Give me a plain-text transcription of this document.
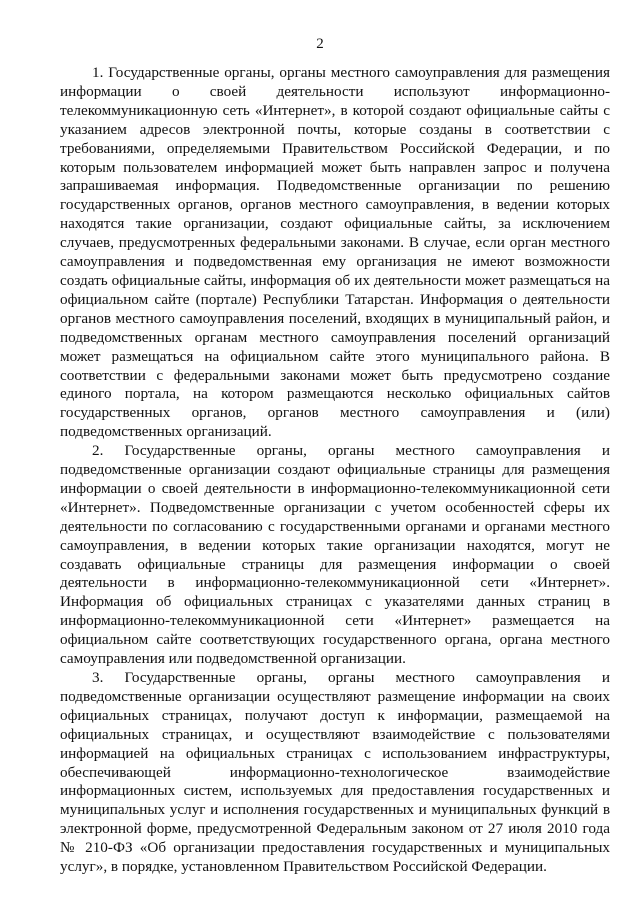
2

1. Государственные органы, органы местного самоуправления для размещения информации о своей деятельности используют информационно-телекоммуникационную сеть «Интернет», в которой создают официальные сайты с указанием адресов электронной почты, которые созданы в соответствии с требованиями, определяемыми Правительством Российской Федерации, и по которым пользователем информацией может быть направлен запрос и получена запрашиваемая информация. Подведомственные организации по решению государственных органов, органов местного самоуправления, в ведении которых находятся такие организации, создают официальные сайты, за исключением случаев, предусмотренных федеральными законами. В случае, если орган местного самоуправления и подведомственная ему организация не имеют возможности создать официальные сайты, информация об их деятельности может размещаться на официальном сайте (портале) Республики Татарстан. Информация о деятельности органов местного самоуправления поселений, входящих в муниципальный район, и подведомственных органам местного самоуправления поселений организаций может размещаться на официальном сайте этого муниципального района. В соответствии с федеральными законами может быть предусмотрено создание единого портала, на котором размещаются несколько официальных сайтов государственных органов, органов местного самоуправления и (или) подведомственных организаций.

2. Государственные органы, органы местного самоуправления и подведомственные организации создают официальные страницы для размещения информации о своей деятельности в информационно-телекоммуникационной сети «Интернет». Подведомственные организации с учетом особенностей сферы их деятельности по согласованию с государственными органами и органами местного самоуправления, в ведении которых такие организации находятся, могут не создавать официальные страницы для размещения информации о своей деятельности в информационно-телекоммуникационной сети «Интернет». Информация об официальных страницах с указателями данных страниц в информационно-телекоммуникационной сети «Интернет» размещается на официальном сайте соответствующих государственного органа, органа местного самоуправления или подведомственной организации.

3. Государственные органы, органы местного самоуправления и подведомственные организации осуществляют размещение информации на своих официальных страницах, получают доступ к информации, размещаемой на официальных страницах, и осуществляют взаимодействие с пользователями информацией на официальных страницах с использованием инфраструктуры, обеспечивающей информационно-технологическое взаимодействие информационных систем, используемых для предоставления государственных и муниципальных услуг и исполнения государственных и муниципальных функций в электронной форме, предусмотренной Федеральным законом от 27 июля 2010 года № 210-ФЗ «Об организации предоставления государственных и муниципальных услуг», в порядке, установленном Правительством Российской Федерации.
